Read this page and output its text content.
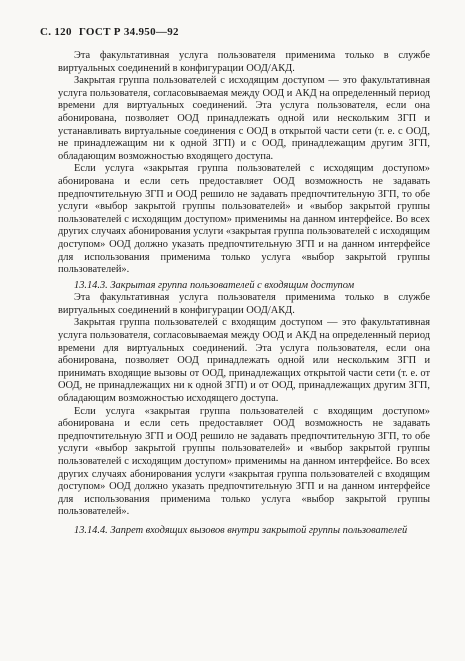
С. 120 ГОСТ Р 34.950—92

Эта факультативная услуга пользователя применима только в службе виртуальных соединений в конфигурации ООД/АКД.

Закрытая группа пользователей с исходящим доступом — это факультативная услуга пользователя, согласовываемая между ООД и АКД на определенный период времени для виртуальных соединений. Эта услуга пользователя, если она абонирована, позволяет ООД принадлежать одной или нескольким ЗГП и устанавливать виртуальные соединения с ООД в открытой части сети (т. е. с ООД, не принадлежащим ни к одной ЗГП) и с ООД, принадлежащим другим ЗГП, обладающим возможностью входящего доступа.

Если услуга «закрытая группа пользователей с исходящим доступом» абонирована и если сеть предоставляет ООД возможность не задавать предпочтительную ЗГП и ООД решило не задавать предпочтительную ЗГП, то обе услуги «выбор закрытой группы пользователей» и «выбор закрытой группы пользователей с исходящим доступом» применимы на данном интерфейсе. Во всех других случаях абонирования услуги «закрытая группа пользователей с исходящим доступом» ООД должно указать предпочтительную ЗГП и на данном интерфейсе для использования применима только услуга «выбор закрытой группы пользователей».

13.14.3. Закрытая группа пользователей с входящим доступом

Эта факультативная услуга пользователя применима только в службе виртуальных соединений в конфигурации ООД/АКД.

Закрытая группа пользователей с входящим доступом — это факультативная услуга пользователя, согласовываемая между ООД и АКД на определенный период времени для виртуальных соединений. Эта услуга пользователя, если она абонирована, позволяет ООД принадлежать одной или нескольким ЗГП и принимать входящие вызовы от ООД, принадлежащих открытой части сети (т. е. от ООД, не принадлежащих ни к одной ЗГП) и от ООД, принадлежащих другим ЗГП, обладающим возможностью исходящего доступа.

Если услуга «закрытая группа пользователей с входящим доступом» абонирована и если сеть предоставляет ООД возможность не задавать предпочтительную ЗГП и ООД решило не задавать предпочтительную ЗГП, то обе услуги «выбор закрытой группы пользователей» и «выбор закрытой группы пользователей с исходящим доступом» применимы на данном интерфейсе. Во всех других случаях абонирования услуги «закрытая группа пользователей с входящим доступом» ООД должно указать предпочтительную ЗГП и на данном интерфейсе для использования применима только услуга «выбор закрытой группы пользователей».

13.14.4. Запрет входящих вызовов внутри закрытой группы пользователей
